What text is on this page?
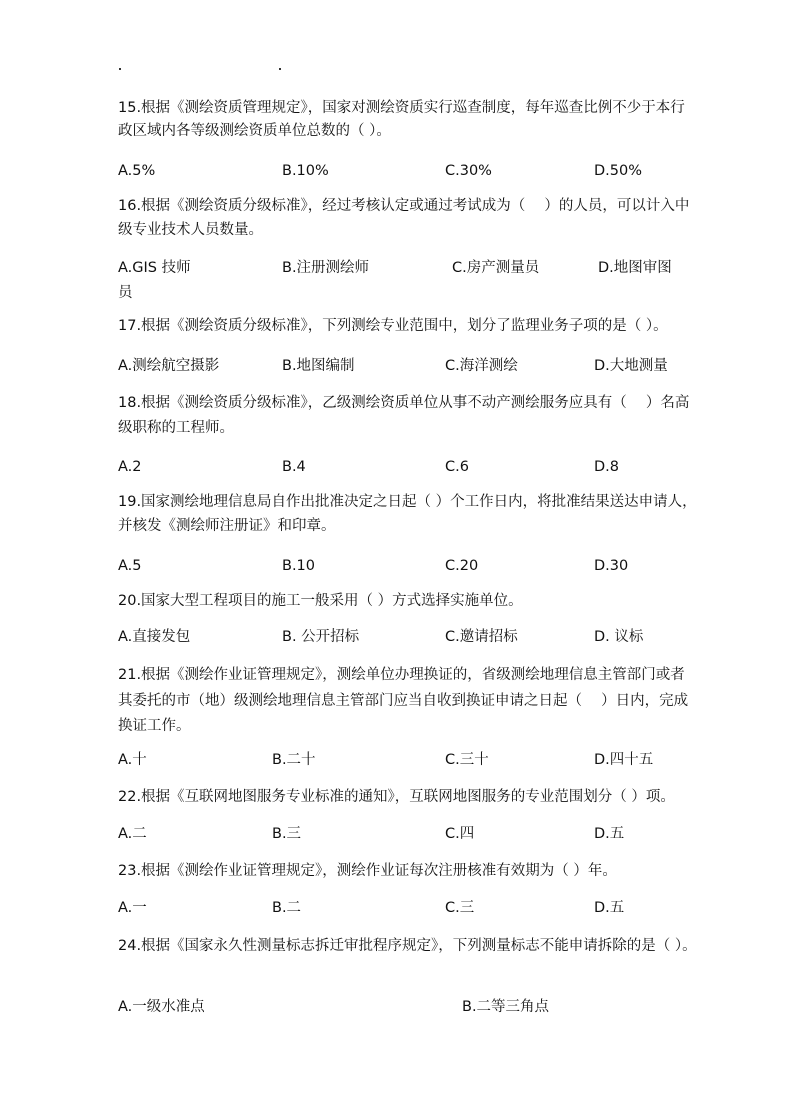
15.根据《测绘资质管理规定》，国家对测绘资质实行巡查制度，每年巡查比例不少于本行
政区域内各等级测绘资质单位总数的（ ）。
A.5%	B.10%	C.30%	D.50%
16.根据《测绘资质分级标准》，经过考核认定或通过考试成为（　 ）的人员，可以计入中
级专业技术人员数量。
A.GIS 技师	B.注册测绘师	C.房产测量员	D.地图审图
员
17.根据《测绘资质分级标准》，下列测绘专业范围中，划分了监理业务子项的是（ ）。
A.测绘航空摄影	B.地图编制	C.海洋测绘	D.大地测量
18.根据《测绘资质分级标准》，乙级测绘资质单位从事不动产测绘服务应具有（　 ）名高
级职称的工程师。
A.2	B.4	C.6	D.8
19.国家测绘地理信息局自作出批准决定之日起（ ）个工作日内，将批准结果送达申请人，
并核发《测绘师注册证》和印章。
A.5	B.10	C.20	D.30
20.国家大型工程项目的施工一般采用（ ）方式选择实施单位。
A.直接发包	B. 公开招标	C.邀请招标	D. 议标
21.根据《测绘作业证管理规定》，测绘单位办理换证的，省级测绘地理信息主管部门或者
其委托的市（地）级测绘地理信息主管部门应当自收到换证申请之日起（　 ）日内，完成
换证工作。
A.十	B.二十	C.三十	D.四十五
22.根据《互联网地图服务专业标准的通知》，互联网地图服务的专业范围划分（ ）项。
A.二	B.三	C.四	D.五
23.根据《测绘作业证管理规定》，测绘作业证每次注册核准有效期为（ ）年。
A.一	B.二	C.三	D.五
24.根据《国家永久性测量标志拆迁审批程序规定》，下列测量标志不能申请拆除的是（ ）。
A.一级水准点	B.二等三角点
